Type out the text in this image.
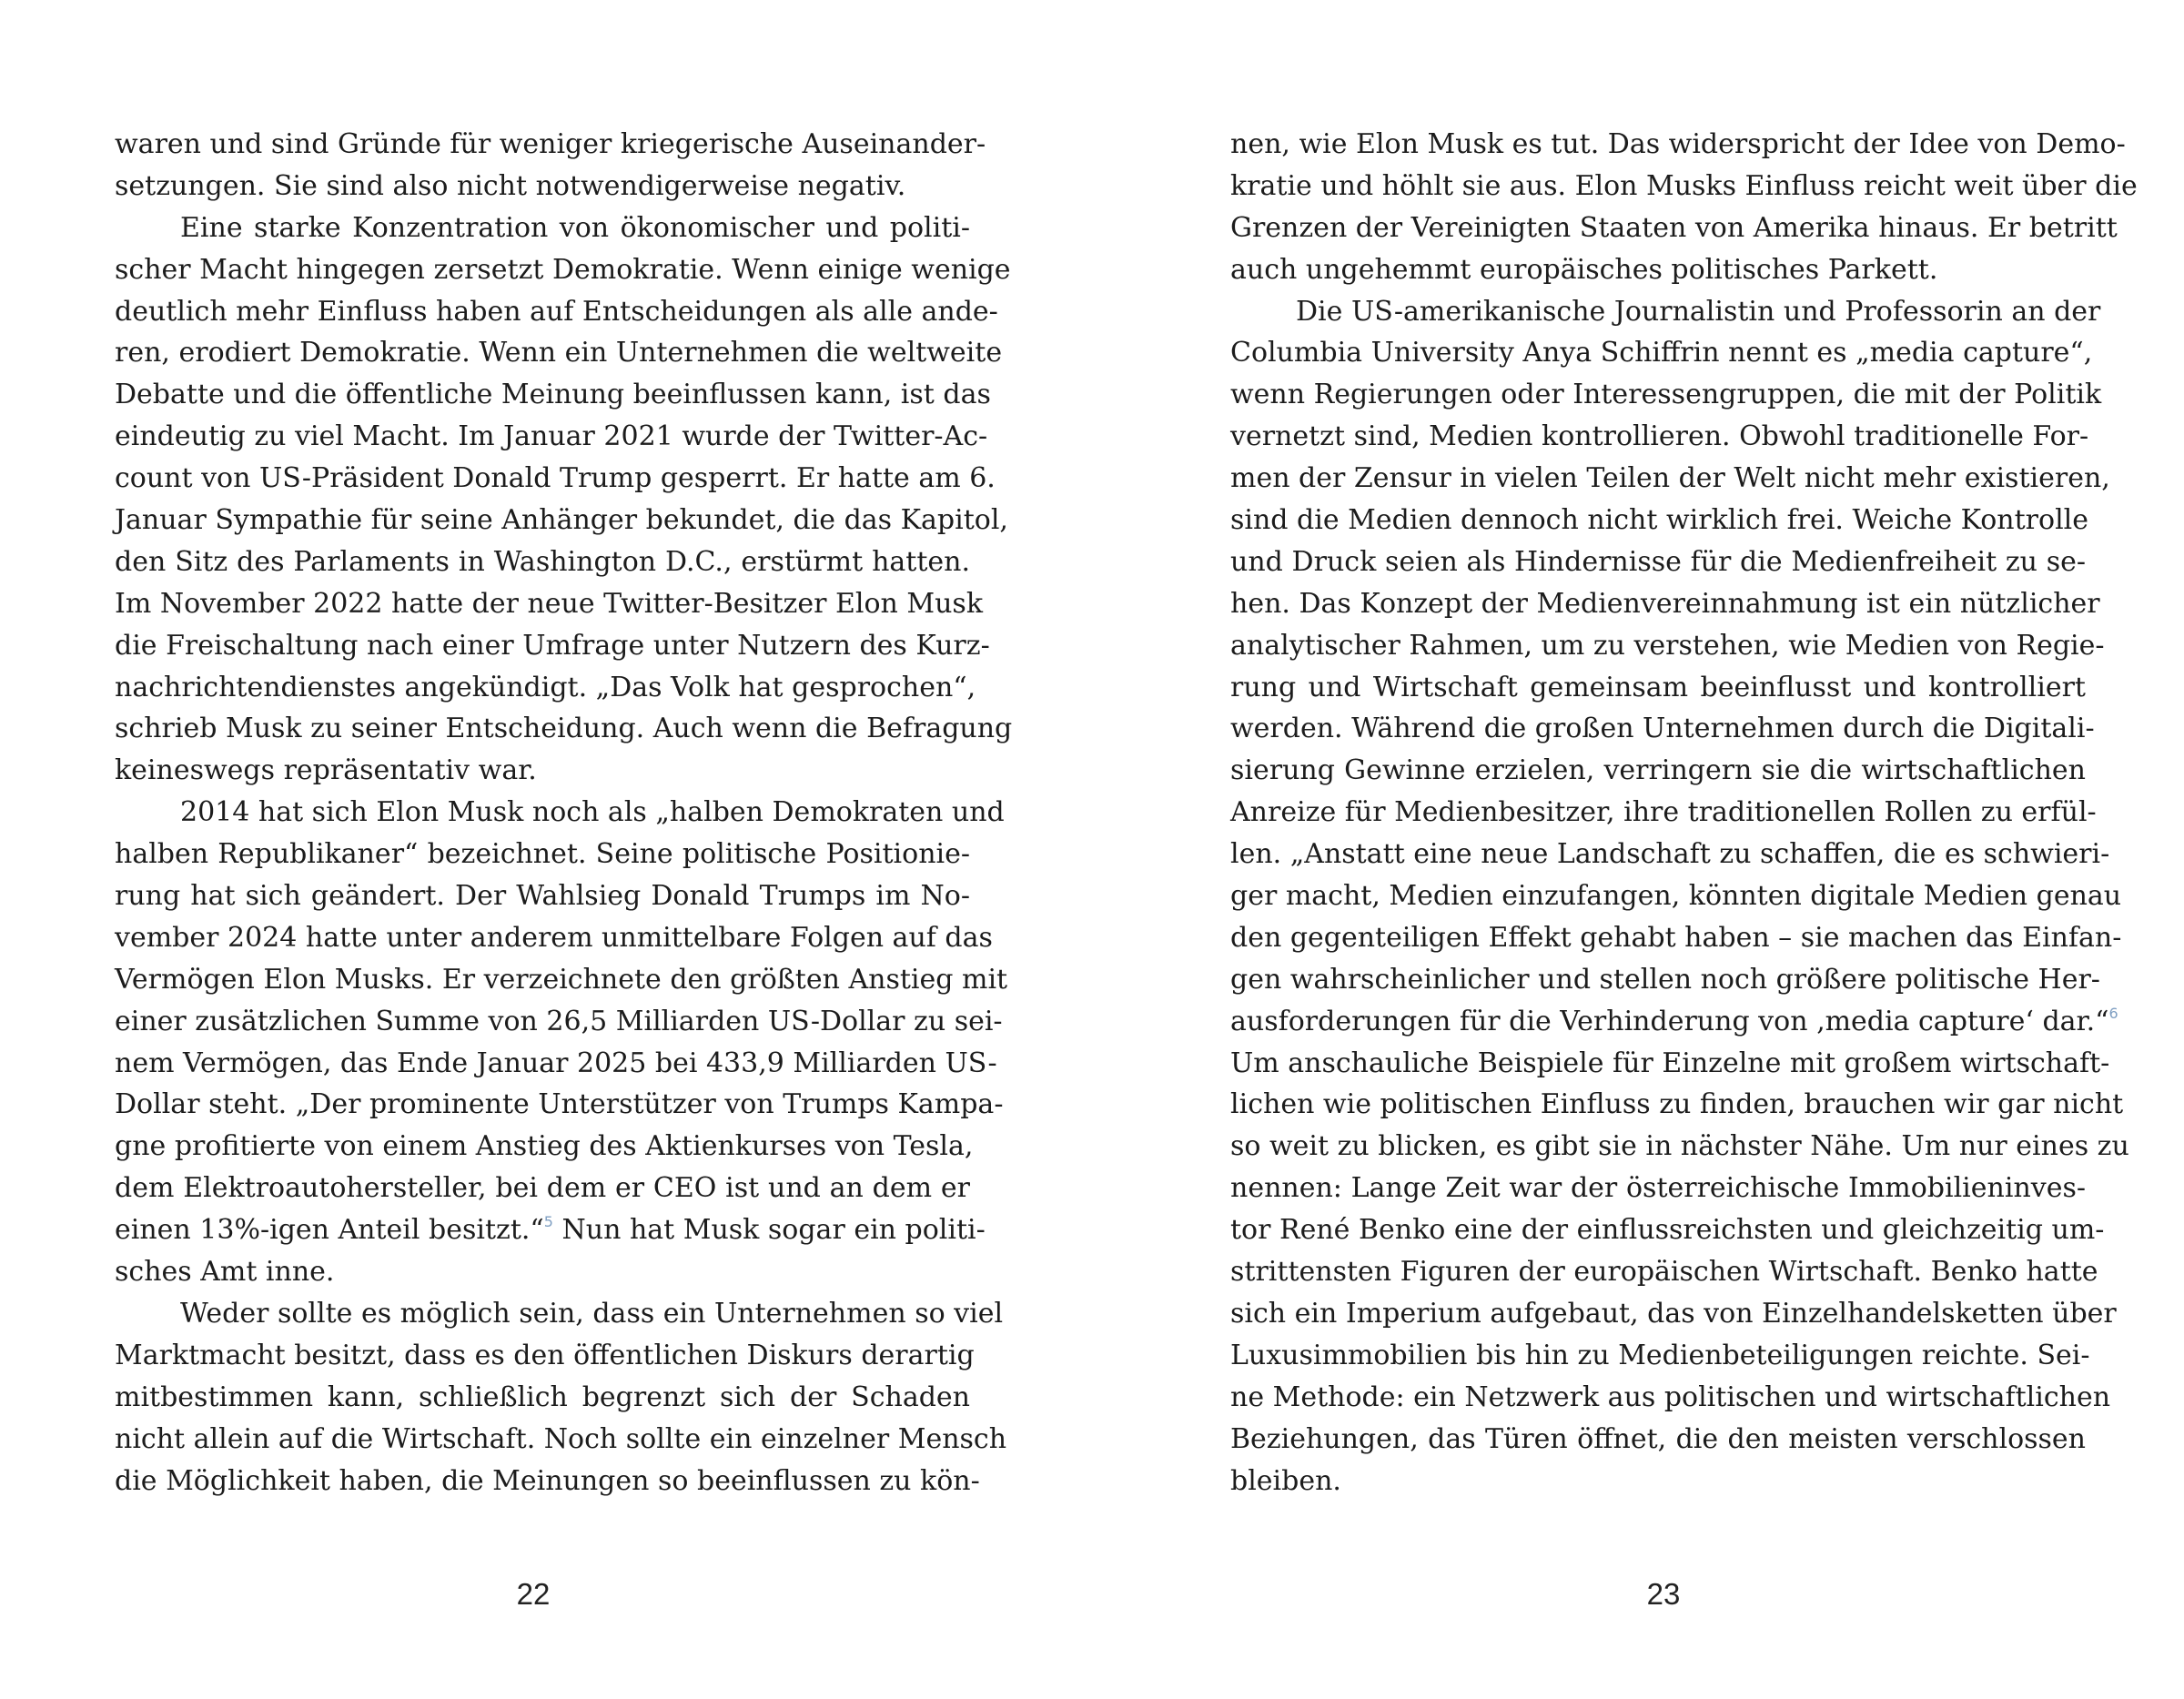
waren und sind Gründe für weniger kriegerische Auseinander-
setzungen. Sie sind also nicht notwendigerweise negativ.
Eine starke Konzentration von ökonomischer und politi-
scher Macht hingegen zersetzt Demokratie. Wenn einige wenige
deutlich mehr Einfluss haben auf Entscheidungen als alle ande-
ren, erodiert Demokratie. Wenn ein Unternehmen die weltweite
Debatte und die öffentliche Meinung beeinflussen kann, ist das
eindeutig zu viel Macht. Im Januar 2021 wurde der Twitter-Ac-
count von US-Präsident Donald Trump gesperrt. Er hatte am 6.
Januar Sympathie für seine Anhänger bekundet, die das Kapitol,
den Sitz des Parlaments in Washington D.C., erstürmt hatten.
Im November 2022 hatte der neue Twitter-Besitzer Elon Musk
die Freischaltung nach einer Umfrage unter Nutzern des Kurz-
nachrichtendienstes angekündigt. „Das Volk hat gesprochen“,
schrieb Musk zu seiner Entscheidung. Auch wenn die Befragung
keineswegs repräsentativ war.
2014 hat sich Elon Musk noch als „halben Demokraten und
halben Republikaner“ bezeichnet. Seine politische Positionie-
rung hat sich geändert. Der Wahlsieg Donald Trumps im No-
vember 2024 hatte unter anderem unmittelbare Folgen auf das
Vermögen Elon Musks. Er verzeichnete den größten Anstieg mit
einer zusätzlichen Summe von 26,5 Milliarden US-Dollar zu sei-
nem Vermögen, das Ende Januar 2025 bei 433,9 Milliarden US-
Dollar steht. „Der prominente Unterstützer von Trumps Kampa-
gne profitierte von einem Anstieg des Aktienkurses von Tesla,
dem Elektroautohersteller, bei dem er CEO ist und an dem er
einen 13%-igen Anteil besitzt.“$^5$ Nun hat Musk sogar ein politi-
sches Amt inne.
Weder sollte es möglich sein, dass ein Unternehmen so viel
Marktmacht besitzt, dass es den öffentlichen Diskurs derartig
mitbestimmen kann, schließlich begrenzt sich der Schaden
nicht allein auf die Wirtschaft. Noch sollte ein einzelner Mensch
die Möglichkeit haben, die Meinungen so beeinflussen zu kön-
nen, wie Elon Musk es tut. Das widerspricht der Idee von Demo-
kratie und höhlt sie aus. Elon Musks Einfluss reicht weit über die
Grenzen der Vereinigten Staaten von Amerika hinaus. Er betritt
auch ungehemmt europäisches politisches Parkett.
Die US-amerikanische Journalistin und Professorin an der
Columbia University Anya Schiffrin nennt es „media capture“,
wenn Regierungen oder Interessengruppen, die mit der Politik
vernetzt sind, Medien kontrollieren. Obwohl traditionelle For-
men der Zensur in vielen Teilen der Welt nicht mehr existieren,
sind die Medien dennoch nicht wirklich frei. Weiche Kontrolle
und Druck seien als Hindernisse für die Medienfreiheit zu se-
hen. Das Konzept der Medienvereinnahmung ist ein nützlicher
analytischer Rahmen, um zu verstehen, wie Medien von Regie-
rung und Wirtschaft gemeinsam beeinflusst und kontrolliert
werden. Während die großen Unternehmen durch die Digitali-
sierung Gewinne erzielen, verringern sie die wirtschaftlichen
Anreize für Medienbesitzer, ihre traditionellen Rollen zu erfül-
len. „Anstatt eine neue Landschaft zu schaffen, die es schwieri-
ger macht, Medien einzufangen, könnten digitale Medien genau
den gegenteiligen Effekt gehabt haben – sie machen das Einfan-
gen wahrscheinlicher und stellen noch größere politische Her-
ausforderungen für die Verhinderung von ‚media capture‘ dar.“$^6$
Um anschauliche Beispiele für Einzelne mit großem wirtschaft-
lichen wie politischen Einfluss zu finden, brauchen wir gar nicht
so weit zu blicken, es gibt sie in nächster Nähe. Um nur eines zu
nennen: Lange Zeit war der österreichische Immobilieninves-
tor René Benko eine der einflussreichsten und gleichzeitig um-
strittensten Figuren der europäischen Wirtschaft. Benko hatte
sich ein Imperium aufgebaut, das von Einzelhandelsketten über
Luxusimmobilien bis hin zu Medienbeteiligungen reichte. Sei-
ne Methode: ein Netzwerk aus politischen und wirtschaftlichen
Beziehungen, das Türen öffnet, die den meisten verschlossen
bleiben.
22	23
